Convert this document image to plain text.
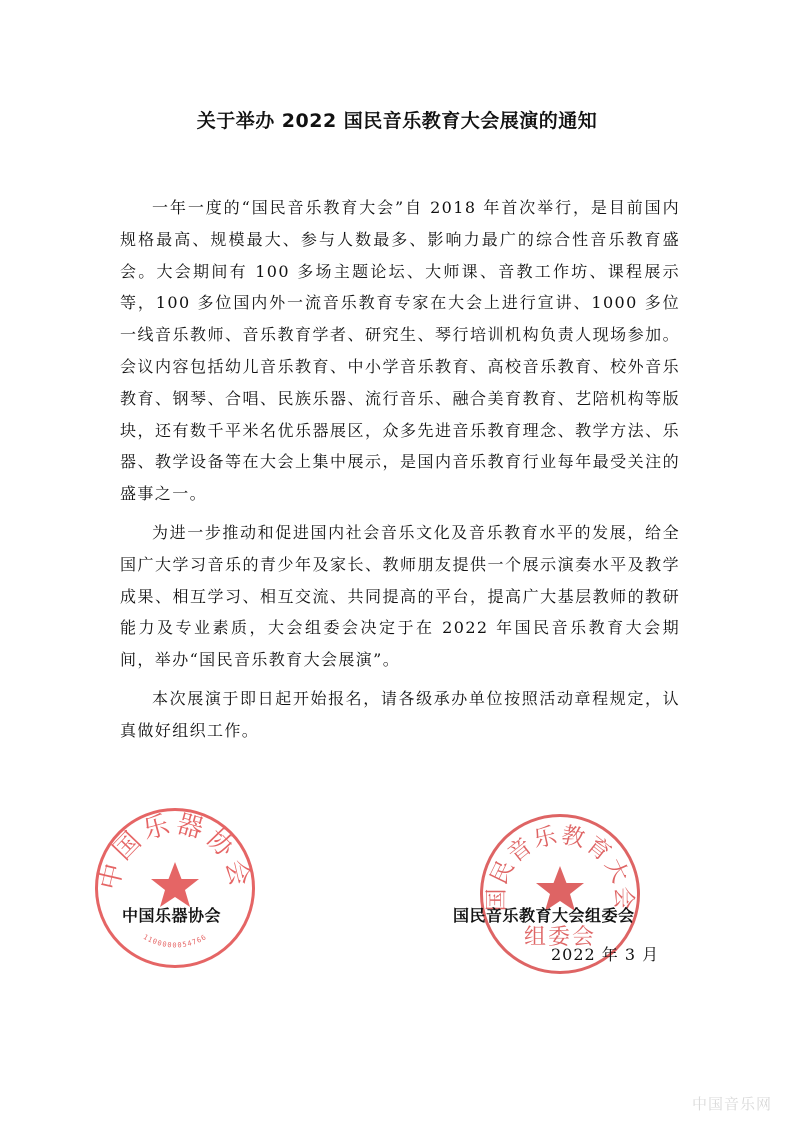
关于举办 2022 国民音乐教育大会展演的通知

一年一度的“国民音乐教育大会”自 2018 年首次举行，是目前国内规格最高、规模最大、参与人数最多、影响力最广的综合性音乐教育盛会。大会期间有 100 多场主题论坛、大师课、音教工作坊、课程展示等，100 多位国内外一流音乐教育专家在大会上进行宣讲、1000 多位一线音乐教师、音乐教育学者、研究生、琴行培训机构负责人现场参加。会议内容包括幼儿音乐教育、中小学音乐教育、高校音乐教育、校外音乐教育、钢琴、合唱、民族乐器、流行音乐、融合美育教育、艺陪机构等版块，还有数千平米名优乐器展区，众多先进音乐教育理念、教学方法、乐器、教学设备等在大会上集中展示，是国内音乐教育行业每年最受关注的盛事之一。

为进一步推动和促进国内社会音乐文化及音乐教育水平的发展，给全国广大学习音乐的青少年及家长、教师朋友提供一个展示演奏水平及教学成果、相互学习、相互交流、共同提高的平台，提高广大基层教师的教研能力及专业素质，大会组委会决定于在 2022 年国民音乐教育大会期间，举办“国民音乐教育大会展演”。

本次展演于即日起开始报名，请各级承办单位按照活动章程规定，认真做好组织工作。

中国乐器协会
1100000054766
国民音乐教育大会
组委会
中国乐器协会	国民音乐教育大会组委会
2022 年 3 月
中国音乐网
